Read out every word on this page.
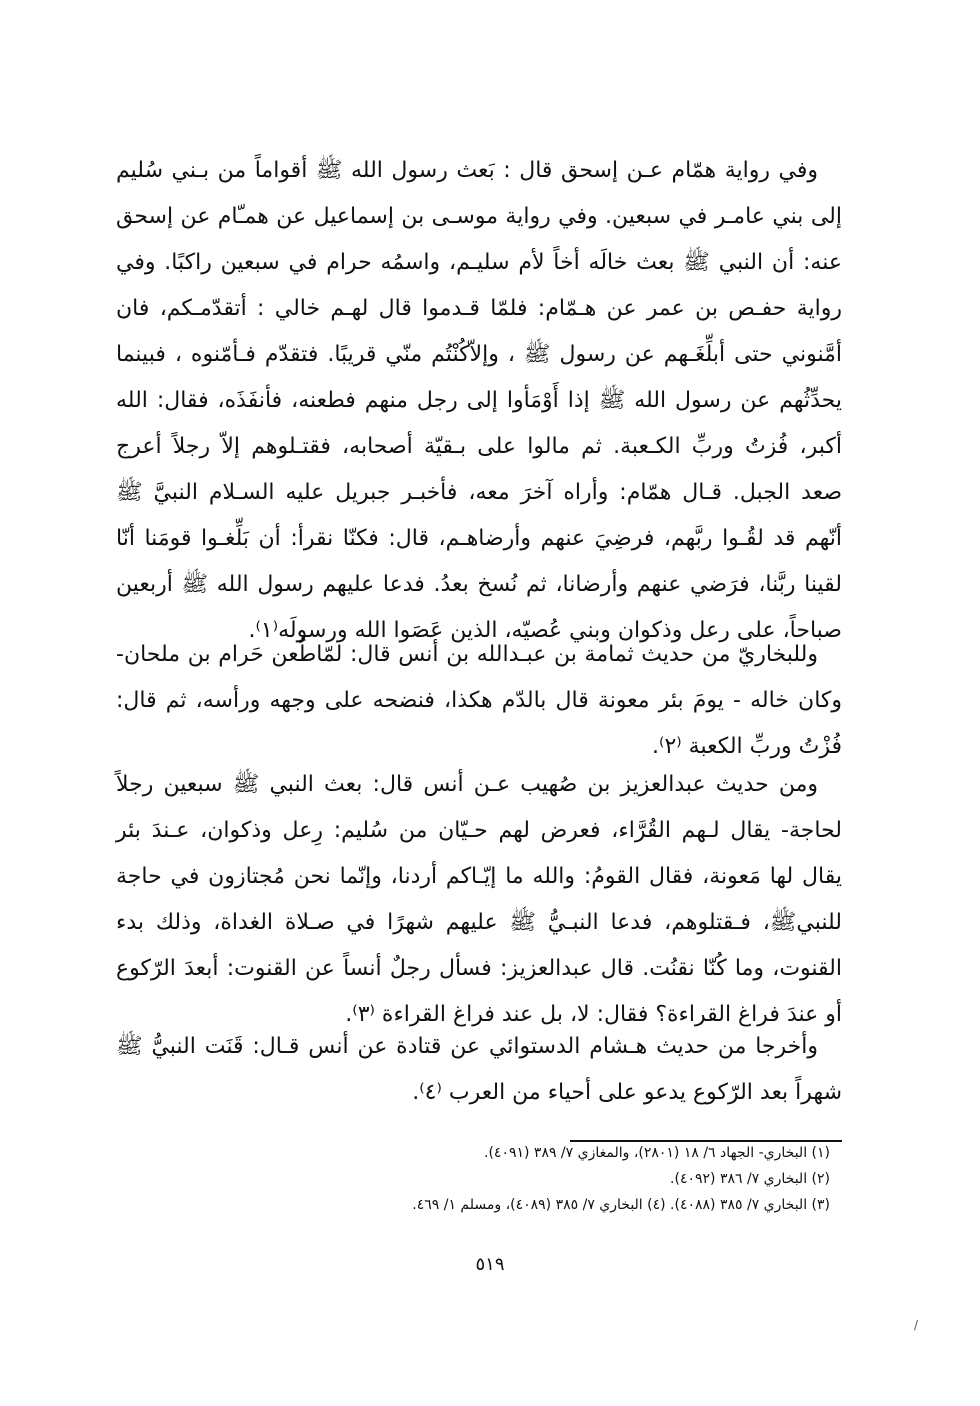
وفي رواية همّام عـن إسحق قال : بَعث رسول الله ﷺ أقواماً من بـني سُليم
إلى بني عامـر في سبعين. وفي رواية موسـى بن إسماعيل عن همـّام عن إسحق
عنه: أن النبي ﷺ بعث خالَه أخاً لأم سليـم، واسمُه حرام في سبعين راكبًا. وفي
رواية حفـص بن عمر عن هـمّام: فلمّا قـدموا قال لهـم خالي : أتقدّمـكم، فان
أمَّنوني حتى أبلِّغَـهم عن رسول ﷺ ، وإلاّكُنْتُم منّي قريبًا. فتقدّم فـأمّنوه ، فبينما
يحدِّثُهم عن رسول الله ﷺ إذا أَوْمَأوا إلى رجل منهم فطعنه، فأنفَذَه، فقال: الله
أكبر، فُزتُ وربِّ الكـعبة. ثم مالوا على بـقيّة أصحابه، فقتـلوهم إلاّ رجلاً أعرج
صعد الجبل. قـال همّام: وأراه آخرَ معه، فأخبـر جبريل عليه السـلام النبيَّ ﷺ
أنّهم قد لقُـوا ربَّهم، فرضِيَ عنهم وأرضاهـم، قال: فكنّا نقرأ: أن بَلِّغـوا قومَنا أنّا
لقينا ربَّنا، فرَضي عنهم وأرضانا، ثم نُسخ بعدُ. فدعا عليهم رسول الله ﷺ أربعين
صباحاً، على رعل وذكوان وبني عُصيّه، الذين عَصَوا الله ورسولَه⁽١⁾.
وللبخاريّ من حديث ثمامة بن عبـدالله بن أنس قال: لمّاطُعن حَرام بن ملحان-
وكان خاله - يومَ بئر معونة قال بالدّم هكذا، فنضحه على وجهه ورأسه، ثم قال:
فُزْتُ وربِّ الكعبة ⁽٢⁾.
ومن حديث عبدالعزيز بن صُهيب عـن أنس قال: بعث النبي ﷺ سبعين رجلاً
لحاجة- يقال لـهم القُرَّاء، فعرض لهم حـيّان من سُليم: رِعل وذكوان، عـندَ بئر
يقال لها مَعونة، فقال القومُ: والله ما إيّـاكم أردنا، وإنّما نحن مُجتازون في حاجة
للنبيﷺ، فـقتلوهم، فدعا النبـيُّ ﷺ عليهم شهرًا في صـلاة الغداة، وذلك بدء
القنوت، وما كُنّا نقنُت. قال عبدالعزيز: فسأل رجلٌ أنساً عن القنوت: أبعدَ الرّكوع
أو عندَ فراغ القراءة؟ فقال: لا، بل عند فراغ القراءة ⁽٣⁾.
وأخرجا من حديث هـشام الدستوائي عن قتادة عن أنس قـال: قَنَت النبيُّ ﷺ
شهراً بعد الرّكوع يدعو على أحياء من العرب ⁽٤⁾.
(١) البخاري- الجهاد ٦/ ١٨ (٢٨٠١)، والمغازي ٧/ ٣٨٩ (٤٠٩١).
(٢) البخاري ٧/ ٣٨٦ (٤٠٩٢).
(٣) البخاري ٧/ ٣٨٥ (٤٠٨٨). (٤) البخاري ٧/ ٣٨٥ (٤٠٨٩)، ومسلم ١/ ٤٦٩.
٥١٩
/
